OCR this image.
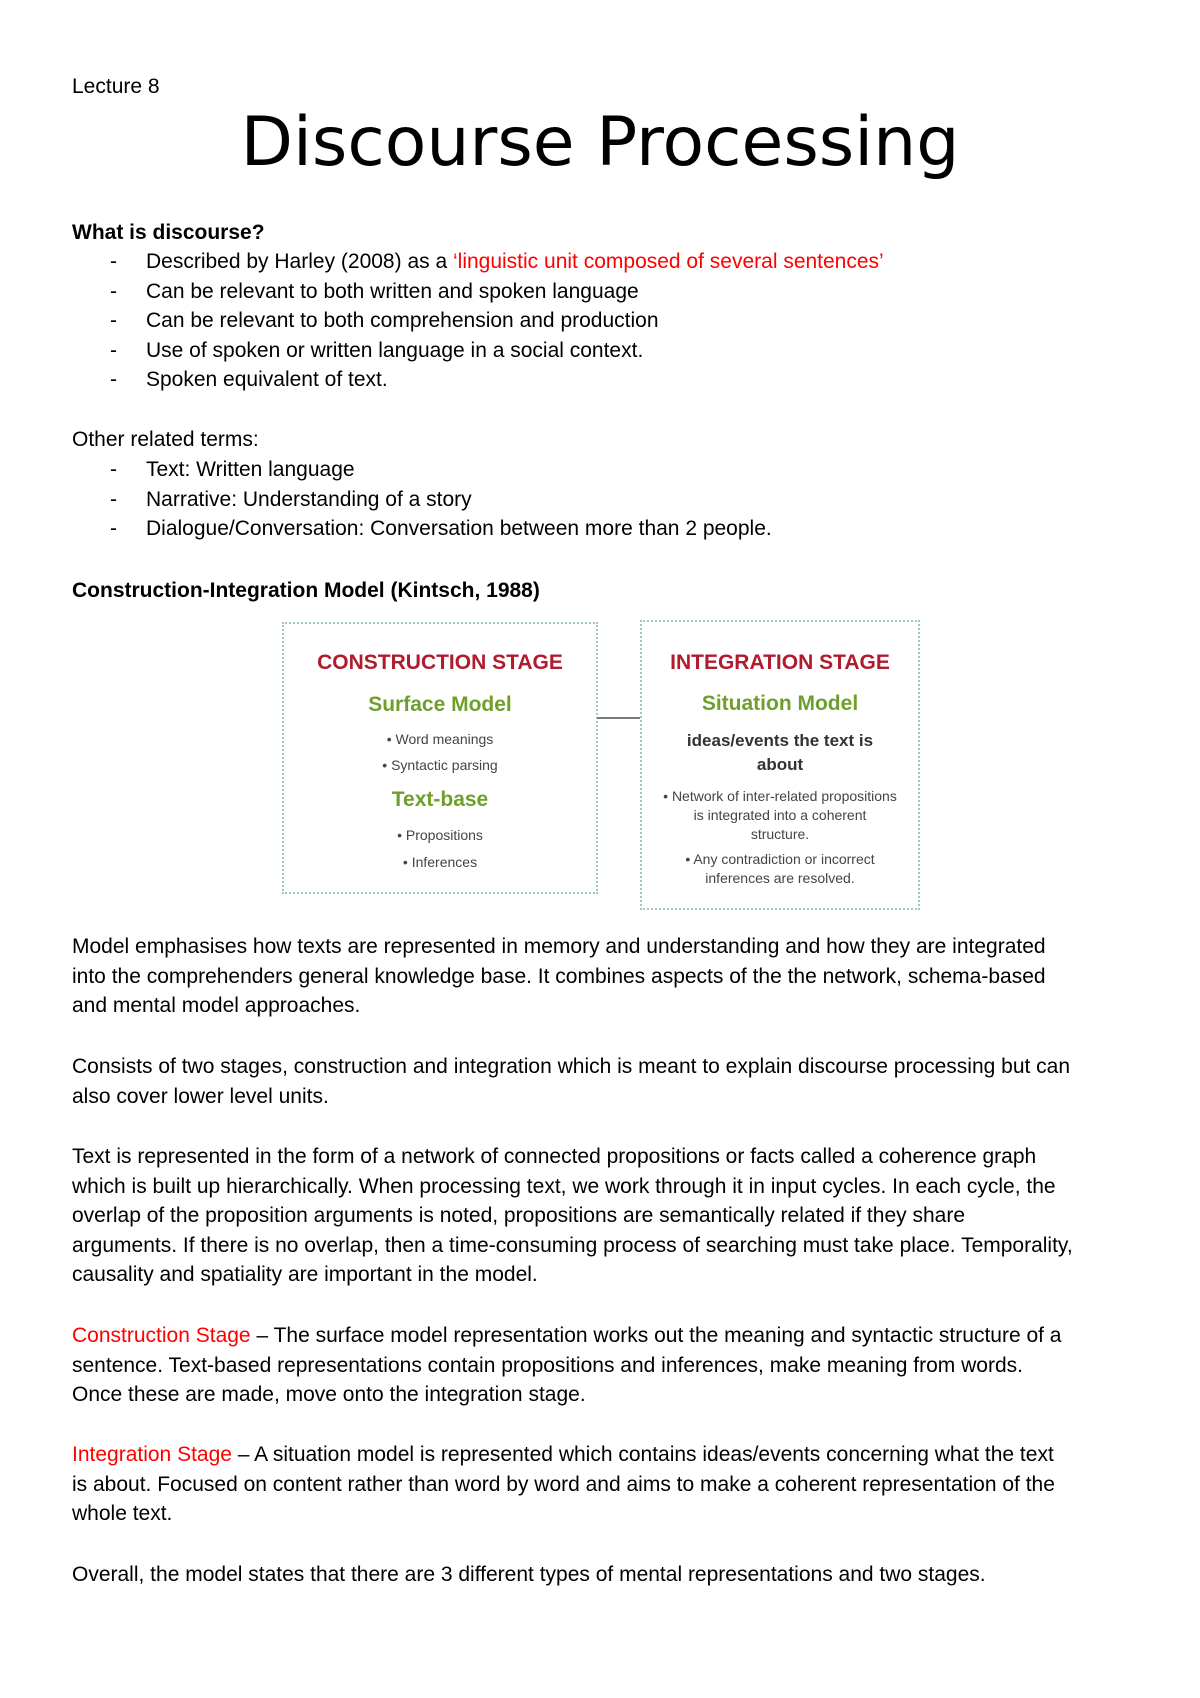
Lecture 8
Discourse Processing
What is discourse?
- Described by Harley (2008) as a ‘linguistic unit composed of several sentences’
- Can be relevant to both written and spoken language
- Can be relevant to both comprehension and production
- Use of spoken or written language in a social context.
- Spoken equivalent of text.
Other related terms:
- Text: Written language
- Narrative: Understanding of a story
- Dialogue/Conversation: Conversation between more than 2 people.
Construction-Integration Model (Kintsch, 1988)
CONSTRUCTION STAGE
Surface Model
• Word meanings
• Syntactic parsing
Text-base
• Propositions
• Inferences
INTEGRATION STAGE
Situation Model
ideas/events the text is
about
• Network of inter-related propositions
is integrated into a coherent
structure.
• Any contradiction or incorrect
inferences are resolved.
Model emphasises how texts are represented in memory and understanding and how they are integrated
into the comprehenders general knowledge base. It combines aspects of the the network, schema-based
and mental model approaches.
Consists of two stages, construction and integration which is meant to explain discourse processing but can
also cover lower level units.
Text is represented in the form of a network of connected propositions or facts called a coherence graph
which is built up hierarchically. When processing text, we work through it in input cycles. In each cycle, the
overlap of the proposition arguments is noted, propositions are semantically related if they share
arguments. If there is no overlap, then a time-consuming process of searching must take place. Temporality,
causality and spatiality are important in the model.
Construction Stage – The surface model representation works out the meaning and syntactic structure of a
sentence. Text-based representations contain propositions and inferences, make meaning from words.
Once these are made, move onto the integration stage.
Integration Stage – A situation model is represented which contains ideas/events concerning what the text
is about. Focused on content rather than word by word and aims to make a coherent representation of the
whole text.
Overall, the model states that there are 3 different types of mental representations and two stages.
